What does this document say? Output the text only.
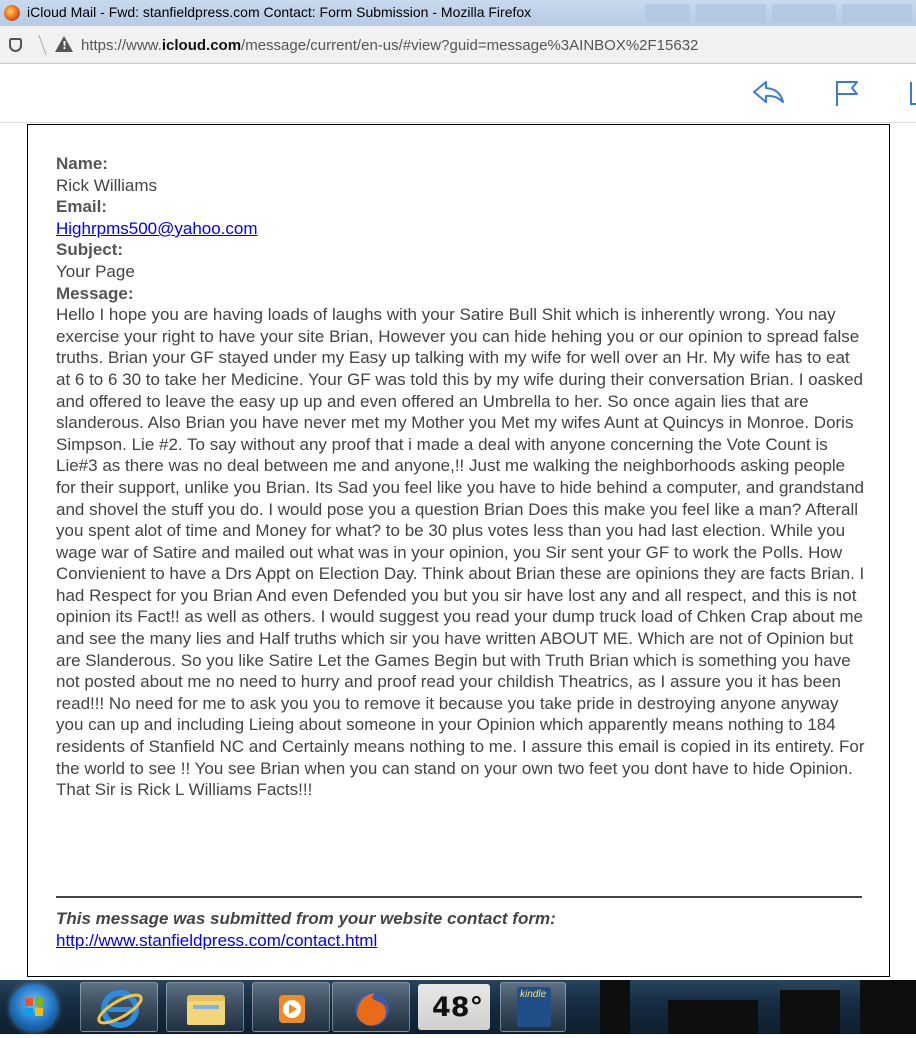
iCloud Mail - Fwd: stanfieldpress.com Contact: Form Submission - Mozilla Firefox
!
https://www.icloud.com/message/current/en-us/#view?guid=message%3AINBOX%2F15632
Name:
Rick Williams
Email:
Highrpms500@yahoo.com
Subject:
Your Page
Message:
Hello I hope you are having loads of laughs with your Satire Bull Shit which is inherently wrong. You nay exercise your right to have your site Brian, However you can hide hehing you or our opinion to spread false truths. Brian your GF stayed under my Easy up talking with my wife for well over an Hr. My wife has to eat at 6 to 6 30 to take her Medicine. Your GF was told this by my wife during their conversation Brian. I oasked and offered to leave the easy up up and even offered an Umbrella to her. So once again lies that are slanderous. Also Brian you have never met my Mother you Met my wifes Aunt at Quincys in Monroe. Doris Simpson. Lie #2. To say without any proof that i made a deal with anyone concerning the Vote Count is Lie#3 as there was no deal between me and anyone,!! Just me walking the neighborhoods asking people for their support, unlike you Brian. Its Sad you feel like you have to hide behind a computer, and grandstand and shovel the stuff you do. I would pose you a question Brian Does this make you feel like a man? Afterall you spent alot of time and Money for what? to be 30 plus votes less than you had last election. While you wage war of Satire and mailed out what was in your opinion, you Sir sent your GF to work the Polls. How Convienient to have a Drs Appt on Election Day. Think about Brian these are opinions they are facts Brian. I had Respect for you Brian And even Defended you but you sir have lost any and all respect, and this is not opinion its Fact!! as well as others. I would suggest you read your dump truck load of Chken Crap about me and see the many lies and Half truths which sir you have written ABOUT ME. Which are not of Opinion but are Slanderous. So you like Satire Let the Games Begin but with Truth Brian which is something you have not posted about me no need to hurry and proof read your childish Theatrics, as I assure you it has been read!!! No need for me to ask you you to remove it because you take pride in destroying anyone anyway you can up and including Lieing about someone in your Opinion which apparently means nothing to 184 residents of Stanfield NC and Certainly means nothing to me. I assure this email is copied in its entirety. For the world to see !! You see Brian when you can stand on your own two feet you dont have to hide Opinion. That Sir is Rick L Williams Facts!!!
This message was submitted from your website contact form:
http://www.stanfieldpress.com/contact.html
48°	kindle
